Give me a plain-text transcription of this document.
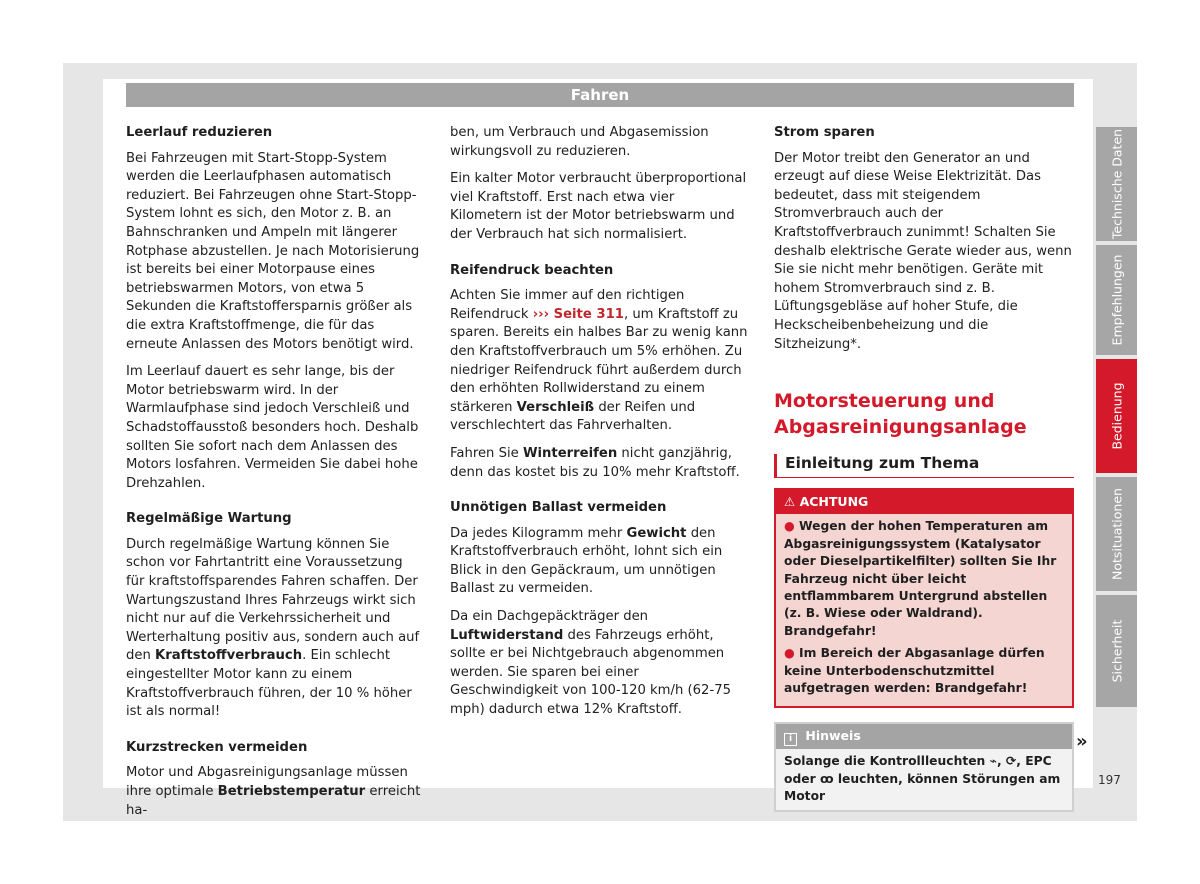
Fahren
Leerlauf reduzieren

Bei Fahrzeugen mit Start-Stopp-System werden die Leerlaufphasen automatisch reduziert. Bei Fahrzeugen ohne Start-Stopp-System lohnt es sich, den Motor z. B. an Bahnschranken und Ampeln mit längerer Rotphase abzustellen. Je nach Motorisierung ist bereits bei einer Motorpause eines betriebswarmen Motors, von etwa 5 Sekunden die Kraftstoffersparnis größer als die extra Kraftstoffmenge, die für das erneute Anlassen des Motors benötigt wird.

Im Leerlauf dauert es sehr lange, bis der Motor betriebswarm wird. In der Warmlaufphase sind jedoch Verschleiß und Schadstoffausstoß besonders hoch. Deshalb sollten Sie sofort nach dem Anlassen des Motors losfahren. Vermeiden Sie dabei hohe Drehzahlen.

Regelmäßige Wartung

Durch regelmäßige Wartung können Sie schon vor Fahrtantritt eine Voraussetzung für kraftstoffsparendes Fahren schaffen. Der Wartungszustand Ihres Fahrzeugs wirkt sich nicht nur auf die Verkehrssicherheit und Werterhaltung positiv aus, sondern auch auf den Kraftstoffverbrauch. Ein schlecht eingestellter Motor kann zu einem Kraftstoffverbrauch führen, der 10 % höher ist als normal!

Kurzstrecken vermeiden

Motor und Abgasreinigungsanlage müssen ihre optimale Betriebstemperatur erreicht ha-

ben, um Verbrauch und Abgasemission wirkungsvoll zu reduzieren.

Ein kalter Motor verbraucht überproportional viel Kraftstoff. Erst nach etwa vier Kilometern ist der Motor betriebswarm und der Verbrauch hat sich normalisiert.

Reifendruck beachten

Achten Sie immer auf den richtigen Reifendruck ››› Seite 311, um Kraftstoff zu sparen. Bereits ein halbes Bar zu wenig kann den Kraftstoffverbrauch um 5% erhöhen. Zu niedriger Reifendruck führt außerdem durch den erhöhten Rollwiderstand zu einem stärkeren Verschleiß der Reifen und verschlechtert das Fahrverhalten.

Fahren Sie Winterreifen nicht ganzjährig, denn das kostet bis zu 10% mehr Kraftstoff.

Unnötigen Ballast vermeiden

Da jedes Kilogramm mehr Gewicht den Kraftstoffverbrauch erhöht, lohnt sich ein Blick in den Gepäckraum, um unnötigen Ballast zu vermeiden.

Da ein Dachgepäckträger den Luftwiderstand des Fahrzeugs erhöht, sollte er bei Nichtgebrauch abgenommen werden. Sie sparen bei einer Geschwindigkeit von 100-120 km/h (62-75 mph) dadurch etwa 12% Kraftstoff.

Strom sparen

Der Motor treibt den Generator an und erzeugt auf diese Weise Elektrizität. Das bedeutet, dass mit steigendem Stromverbrauch auch der Kraftstoffverbrauch zunimmt! Schalten Sie deshalb elektrische Gerate wieder aus, wenn Sie sie nicht mehr benötigen. Geräte mit hohem Stromverbrauch sind z. B. Lüftungsgebläse auf hoher Stufe, die Heckscheibenbeheizung und die Sitzheizung*.

Motorsteuerung und Abgasreinigungsanlage
Einleitung zum Thema
⚠ ACHTUNG

● Wegen der hohen Temperaturen am Abgasreinigungssystem (Katalysator oder Dieselpartikelfilter) sollten Sie Ihr Fahrzeug nicht über leicht entflammbarem Untergrund abstellen (z. B. Wiese oder Waldrand). Brandgefahr!

● Im Bereich der Abgasanlage dürfen keine Unterbodenschutzmittel aufgetragen werden: Brandgefahr!

i Hinweis
Solange die Kontrollleuchten ⌁, ⟳, EPC oder ꝏ leuchten, können Störungen am Motor
»
Technische Daten
Empfehlungen
Bedienung
Notsituationen
Sicherheit
197
